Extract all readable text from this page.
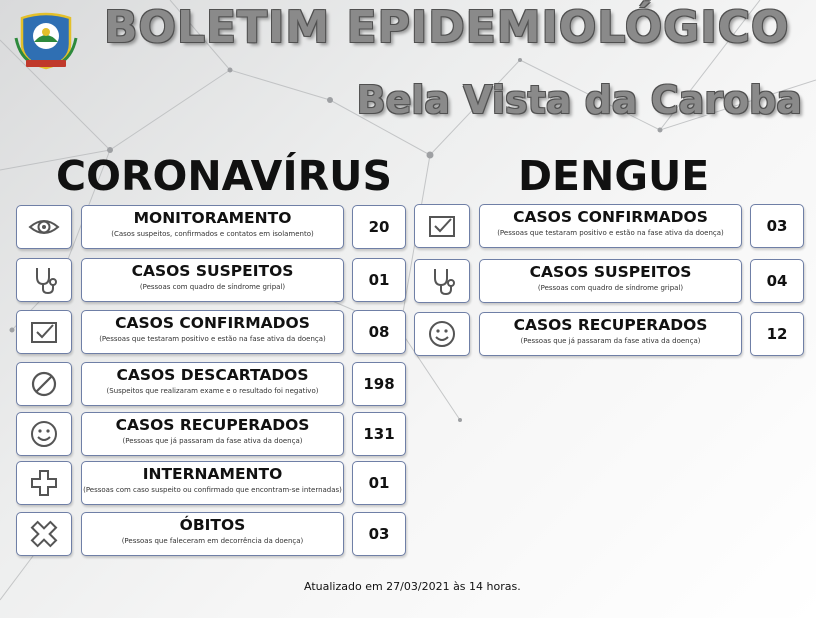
BOLETIM EPIDEMIOLÓGICO
Bela Vista da Caroba
CORONAVÍRUS	DENGUE
MONITORAMENTO
(Casos suspeitos, confirmados e contatos em isolamento)	20
CASOS SUSPEITOS
(Pessoas com quadro de síndrome gripal)	01
CASOS CONFIRMADOS
(Pessoas que testaram positivo e estão na fase ativa da doença)	08
CASOS DESCARTADOS
(Suspeitos que realizaram exame e o resultado foi negativo)	198
CASOS RECUPERADOS
(Pessoas que já passaram da fase ativa da doença)	131
INTERNAMENTO
(Pessoas com caso suspeito ou confirmado que encontram-se internadas)	01
ÓBITOS
(Pessoas que faleceram em decorrência da doença)	03
CASOS CONFIRMADOS
(Pessoas que testaram positivo e estão na fase ativa da doença)	03
CASOS SUSPEITOS
(Pessoas com quadro de síndrome gripal)	04
CASOS RECUPERADOS
(Pessoas que já passaram da fase ativa da doença)	12
Atualizado em 27/03/2021 às 14 horas.
